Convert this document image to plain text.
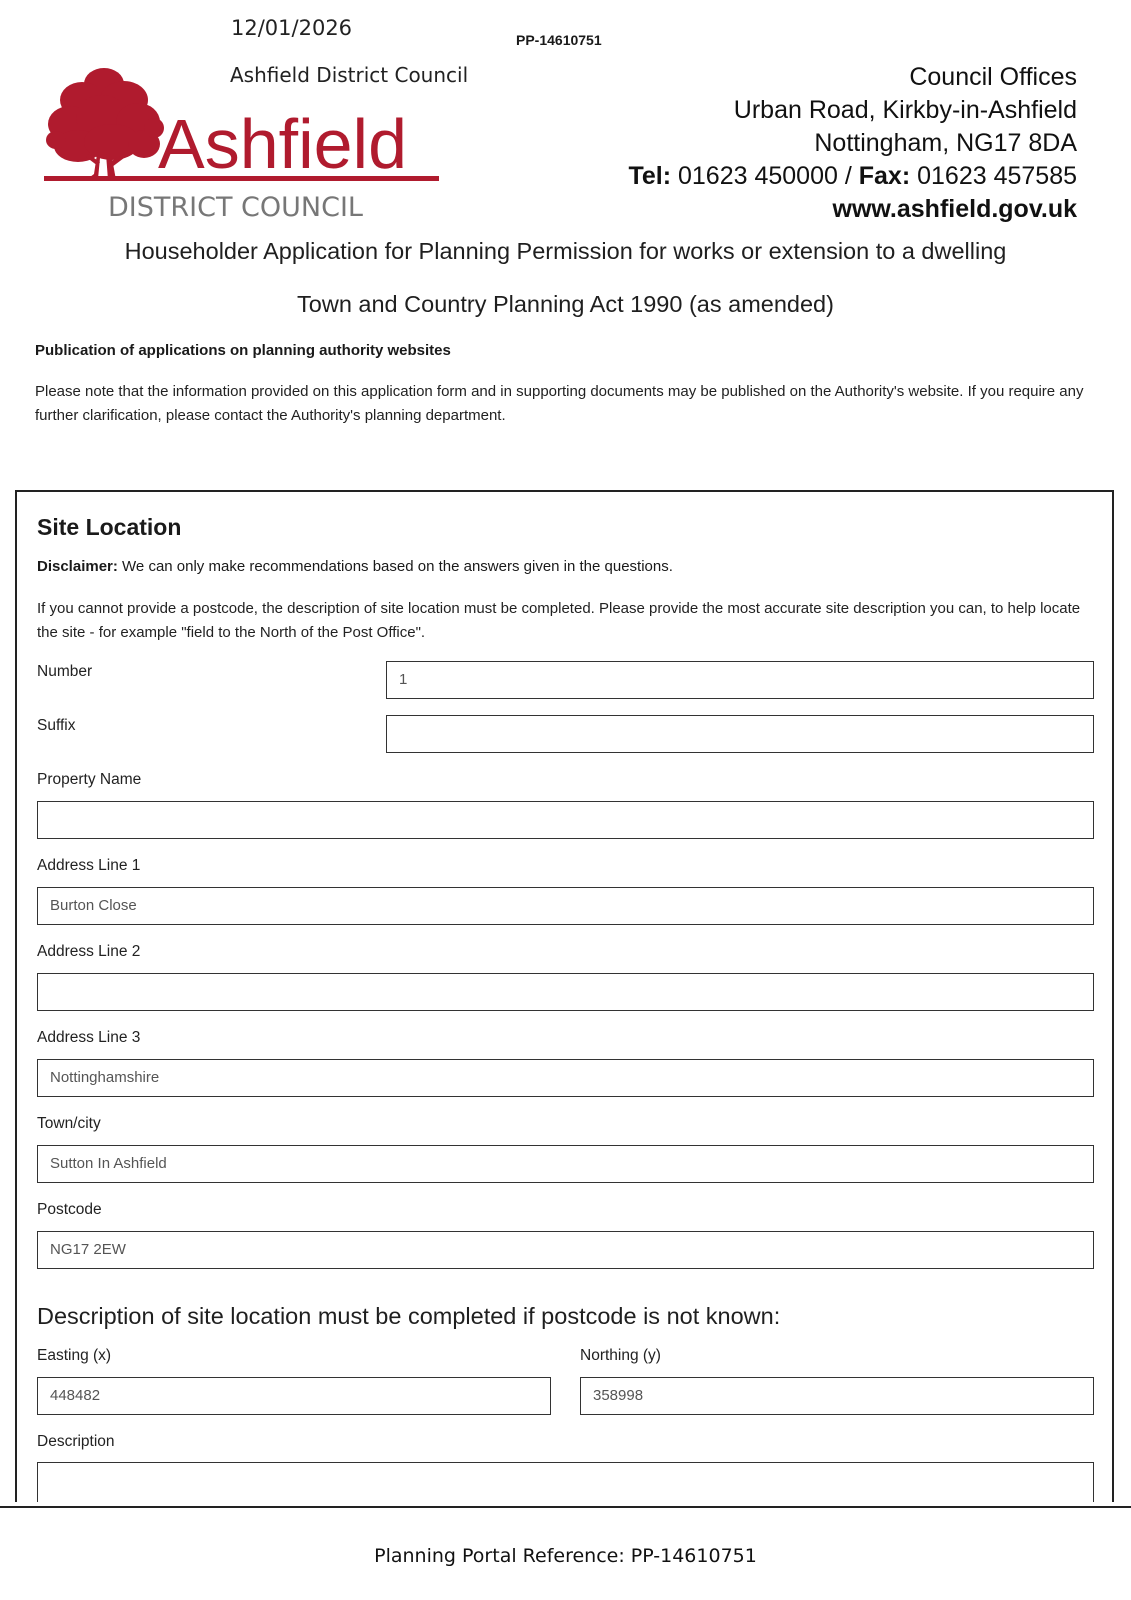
12/01/2026	PP-14610751
Ashfield District Council
Ashfield
DISTRICT COUNCIL
Council Offices
Urban Road, Kirkby-in-Ashfield
Nottingham, NG17 8DA
Tel: 01623 450000 / Fax: 01623 457585
www.ashfield.gov.uk
Householder Application for Planning Permission for works or extension to a dwelling
Town and Country Planning Act 1990 (as amended)
Publication of applications on planning authority websites
Please note that the information provided on this application form and in supporting documents may be published on the Authority's website. If you require any further clarification, please contact the Authority's planning department.
Site Location
Disclaimer: We can only make recommendations based on the answers given in the questions.
If you cannot provide a postcode, the description of site location must be completed. Please provide the most accurate site description you can, to help locate the site - for example "field to the North of the Post Office".
Number	1
Suffix
Property Name
Address Line 1
Burton Close
Address Line 2
Address Line 3
Nottinghamshire
Town/city
Sutton In Ashfield
Postcode
NG17 2EW
Description of site location must be completed if postcode is not known:
Easting (x)
448482
Northing (y)
358998
Description
Planning Portal Reference: PP-14610751
